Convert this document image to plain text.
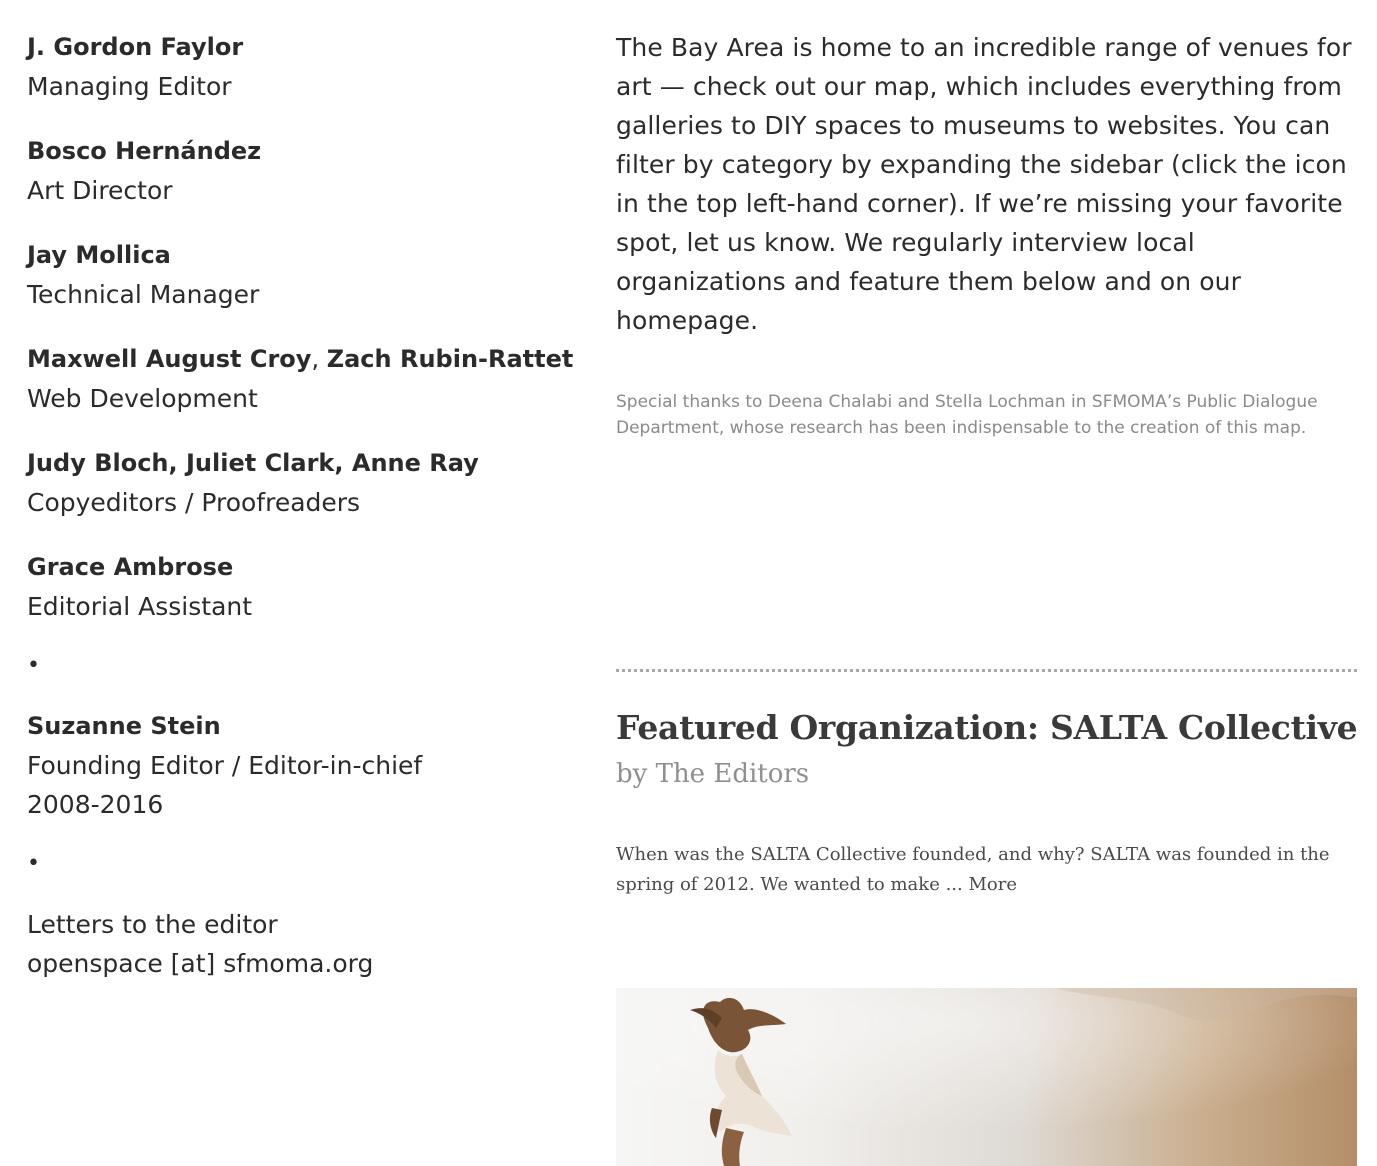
J. Gordon Faylor
Managing Editor
Bosco Hernández
Art Director
Jay Mollica
Technical Manager
Maxwell August Croy, Zach Rubin-Rattet
Web Development
Judy Bloch, Juliet Clark, Anne Ray
Copyeditors / Proofreaders
Grace Ambrose
Editorial Assistant
•
Suzanne Stein
Founding Editor / Editor-in-chief
2008-2016
•
Letters to the editor
openspace [at] sfmoma.org

The Bay Area is home to an incredible range of venues for art — check out our map, which includes everything from galleries to DIY spaces to museums to websites. You can filter by category by expanding the sidebar (click the icon in the top left-hand corner). If we’re missing your favorite spot, let us know. We regularly interview local organizations and feature them below and on our homepage.

Special thanks to Deena Chalabi and Stella Lochman in SFMOMA’s Public Dialogue Department, whose research has been indispensable to the creation of this map.

Featured Organization: SALTA Collective

by The Editors

When was the SALTA Collective founded, and why? SALTA was founded in the spring of 2012. We wanted to make ... More
